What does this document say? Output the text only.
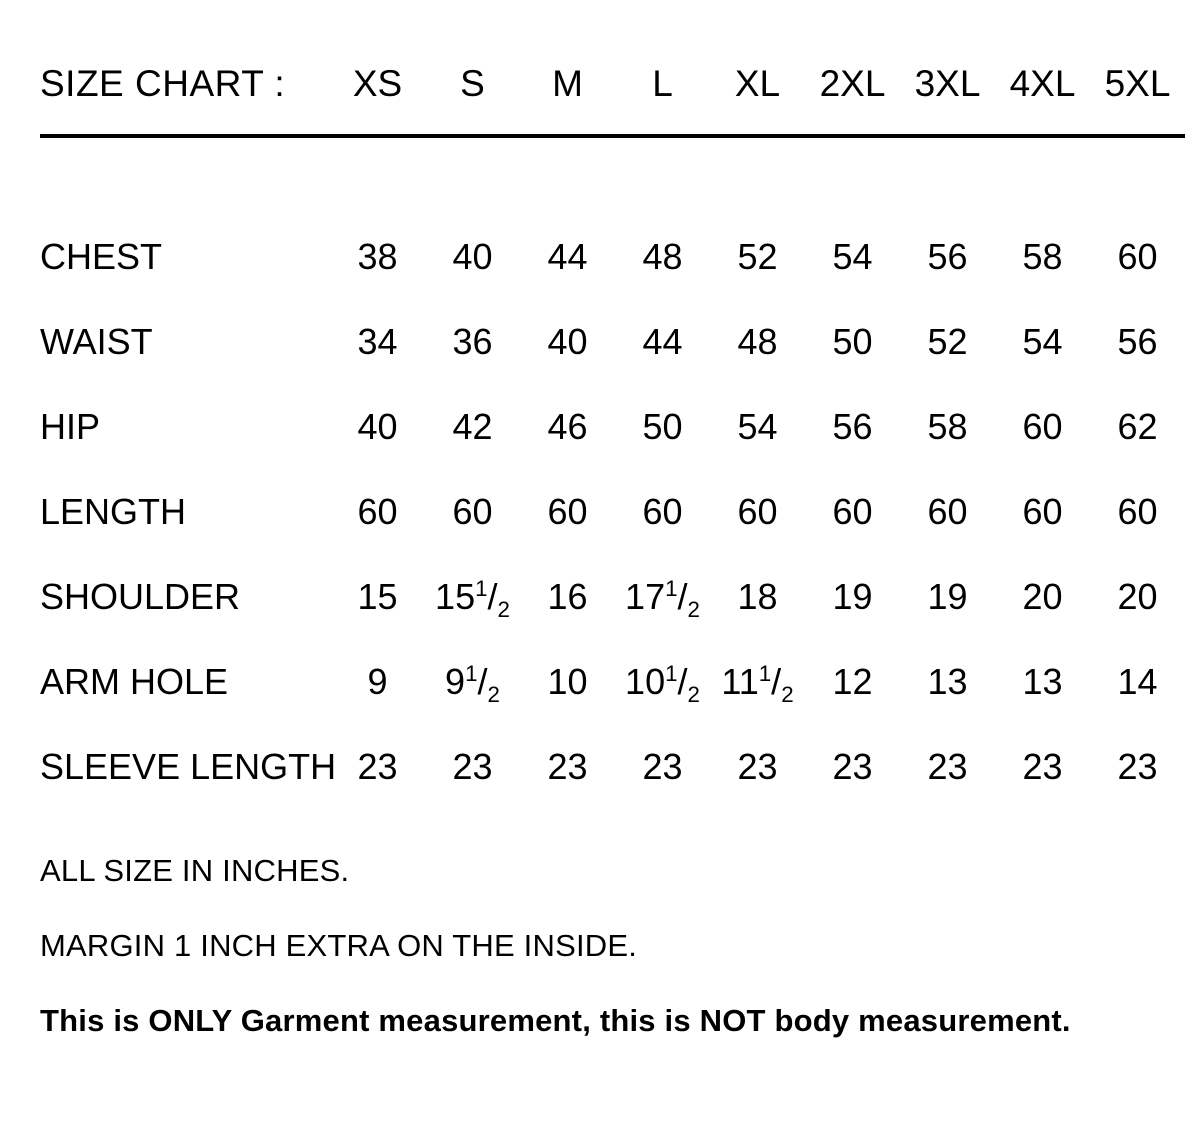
SIZE CHART :	XS	S	M	L	XL	2XL	3XL	4XL	5XL

CHEST	38	40	44	48	52	54	56	58	60
WAIST	34	36	40	44	48	50	52	54	56
HIP	40	42	46	50	54	56	58	60	62
LENGTH	60	60	60	60	60	60	60	60	60
SHOULDER	15	$15^1/_2$	16	$17^1/_2$	18	19	19	20	20
ARM HOLE	9	$9^1/_2$	10	$10^1/_2$	$11^1/_2$	12	13	13	14
SLEEVE LENGTH	23	23	23	23	23	23	23	23	23
ALL SIZE IN INCHES.
MARGIN 1 INCH EXTRA ON THE INSIDE.
This is ONLY Garment measurement, this is NOT body measurement.
